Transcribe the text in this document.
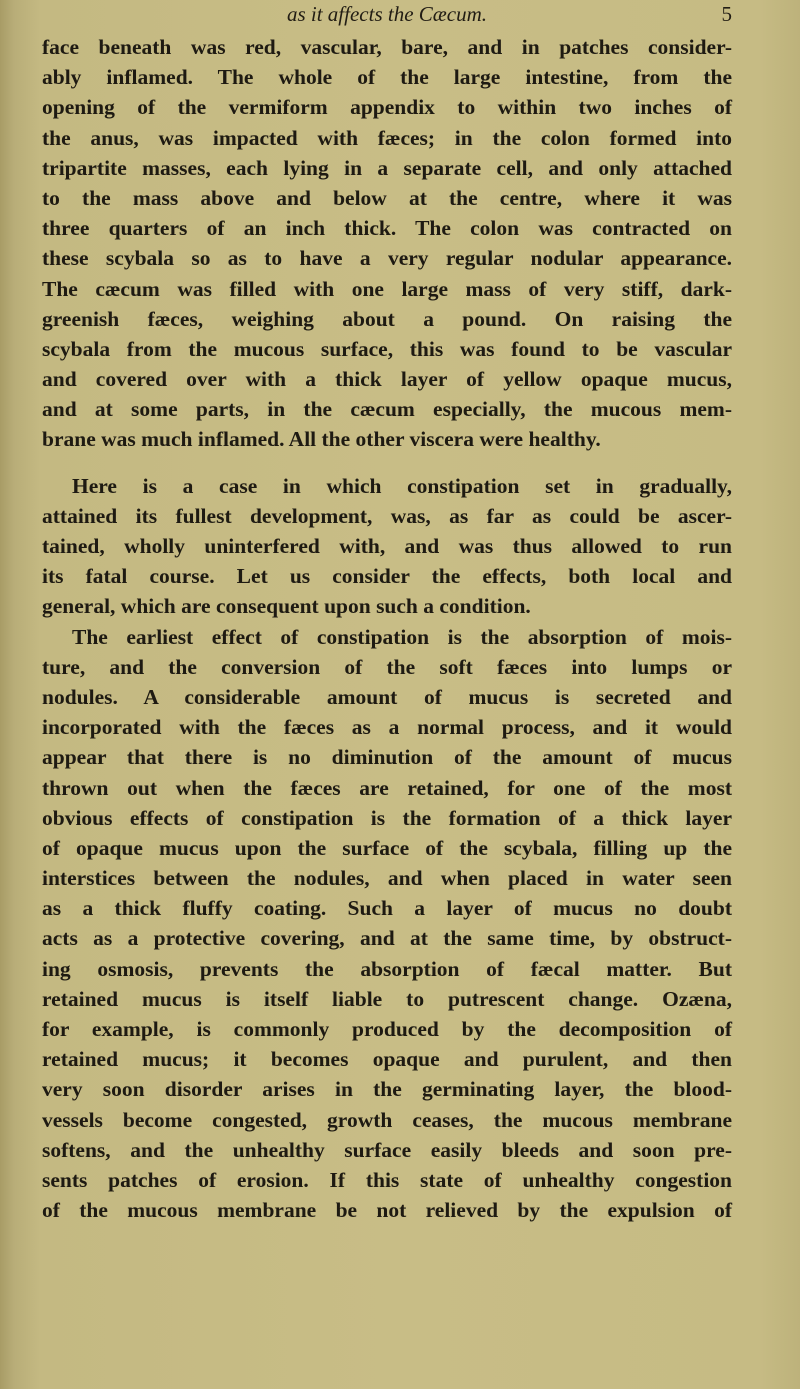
as it affects the Cæcum.	5
face beneath was red, vascular, bare, and in patches consider-
ably inflamed. The whole of the large intestine, from the
opening of the vermiform appendix to within two inches of
the anus, was impacted with fæces; in the colon formed into
tripartite masses, each lying in a separate cell, and only attached
to the mass above and below at the centre, where it was
three quarters of an inch thick. The colon was contracted on
these scybala so as to have a very regular nodular appearance.
The cæcum was filled with one large mass of very stiff, dark-
greenish fæces, weighing about a pound. On raising the
scybala from the mucous surface, this was found to be vascular
and covered over with a thick layer of yellow opaque mucus,
and at some parts, in the cæcum especially, the mucous mem-
brane was much inflamed. All the other viscera were healthy.
Here is a case in which constipation set in gradually,
attained its fullest development, was, as far as could be ascer-
tained, wholly uninterfered with, and was thus allowed to run
its fatal course. Let us consider the effects, both local and
general, which are consequent upon such a condition.
The earliest effect of constipation is the absorption of mois-
ture, and the conversion of the soft fæces into lumps or
nodules. A considerable amount of mucus is secreted and
incorporated with the fæces as a normal process, and it would
appear that there is no diminution of the amount of mucus
thrown out when the fæces are retained, for one of the most
obvious effects of constipation is the formation of a thick layer
of opaque mucus upon the surface of the scybala, filling up the
interstices between the nodules, and when placed in water seen
as a thick fluffy coating. Such a layer of mucus no doubt
acts as a protective covering, and at the same time, by obstruct-
ing osmosis, prevents the absorption of fæcal matter. But
retained mucus is itself liable to putrescent change. Ozæna,
for example, is commonly produced by the decomposition of
retained mucus; it becomes opaque and purulent, and then
very soon disorder arises in the germinating layer, the blood-
vessels become congested, growth ceases, the mucous membrane
softens, and the unhealthy surface easily bleeds and soon pre-
sents patches of erosion. If this state of unhealthy congestion
of the mucous membrane be not relieved by the expulsion of
